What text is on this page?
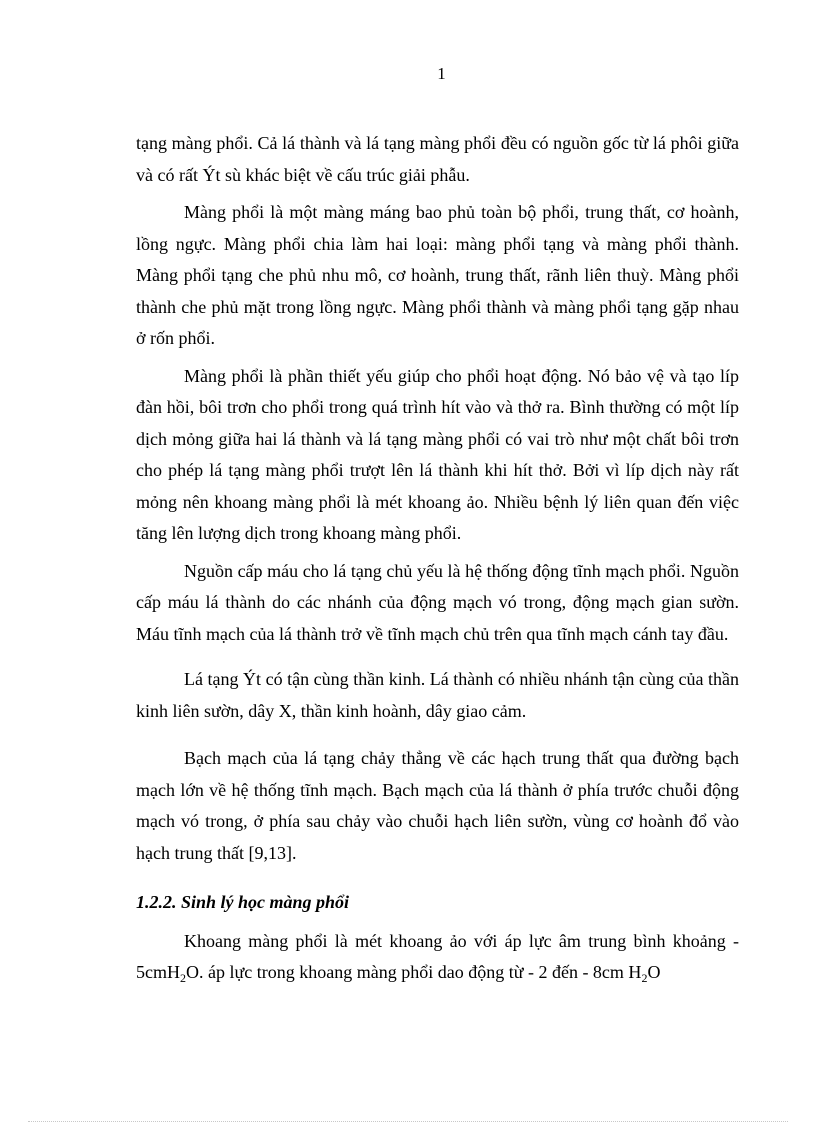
1

tạng màng phổi. Cả lá thành và lá tạng màng phổi đều có nguồn gốc từ lá phôi giữa và có rất Ýt sù khác biệt về cấu trúc giải phẫu.

Màng phổi là một màng máng bao phủ toàn bộ phổi, trung thất, cơ hoành, lồng ngực. Màng phổi chia làm hai loại: màng phổi tạng và màng phổi thành. Màng phổi tạng che phủ nhu mô, cơ hoành, trung thất, rãnh liên thuỳ. Màng phổi thành che phủ mặt trong lồng ngực. Màng phổi thành và màng phổi tạng gặp nhau ở rốn phổi.

Màng phổi là phần thiết yếu giúp cho phổi hoạt động. Nó bảo vệ và tạo líp đàn hồi, bôi trơn cho phổi trong quá trình hít vào và thở ra. Bình thường có một líp dịch mỏng giữa hai lá thành và lá tạng màng phổi có vai trò như một chất bôi trơn cho phép lá tạng màng phổi trượt lên lá thành khi hít thở. Bởi vì líp dịch này rất mỏng nên khoang màng phổi là mét khoang ảo. Nhiều bệnh lý liên quan đến việc tăng lên lượng dịch trong khoang màng phổi.

Nguồn cấp máu cho lá tạng chủ yếu là hệ thống động tĩnh mạch phổi. Nguồn cấp máu lá thành do các nhánh của động mạch vó trong, động mạch gian sườn. Máu tĩnh mạch của lá thành trở về tĩnh mạch chủ trên qua tĩnh mạch cánh tay đầu.

Lá tạng Ýt có tận cùng thần kinh. Lá thành có nhiều nhánh tận cùng của thần kinh liên sườn, dây X, thần kinh hoành, dây giao cảm.

Bạch mạch của lá tạng chảy thẳng về các hạch trung thất qua đường bạch mạch lớn về hệ thống tĩnh mạch. Bạch mạch của lá thành ở phía trước chuỗi động mạch vó trong, ở phía sau chảy vào chuỗi hạch liên sườn, vùng cơ hoành đổ vào hạch trung thất [9,13].

1.2.2. Sinh lý học màng phổi

Khoang màng phổi là mét khoang ảo với áp lực âm trung bình khoảng - 5cmH$_2$O. áp lực trong khoang màng phổi dao động từ - 2 đến - 8cm $H_2O$
